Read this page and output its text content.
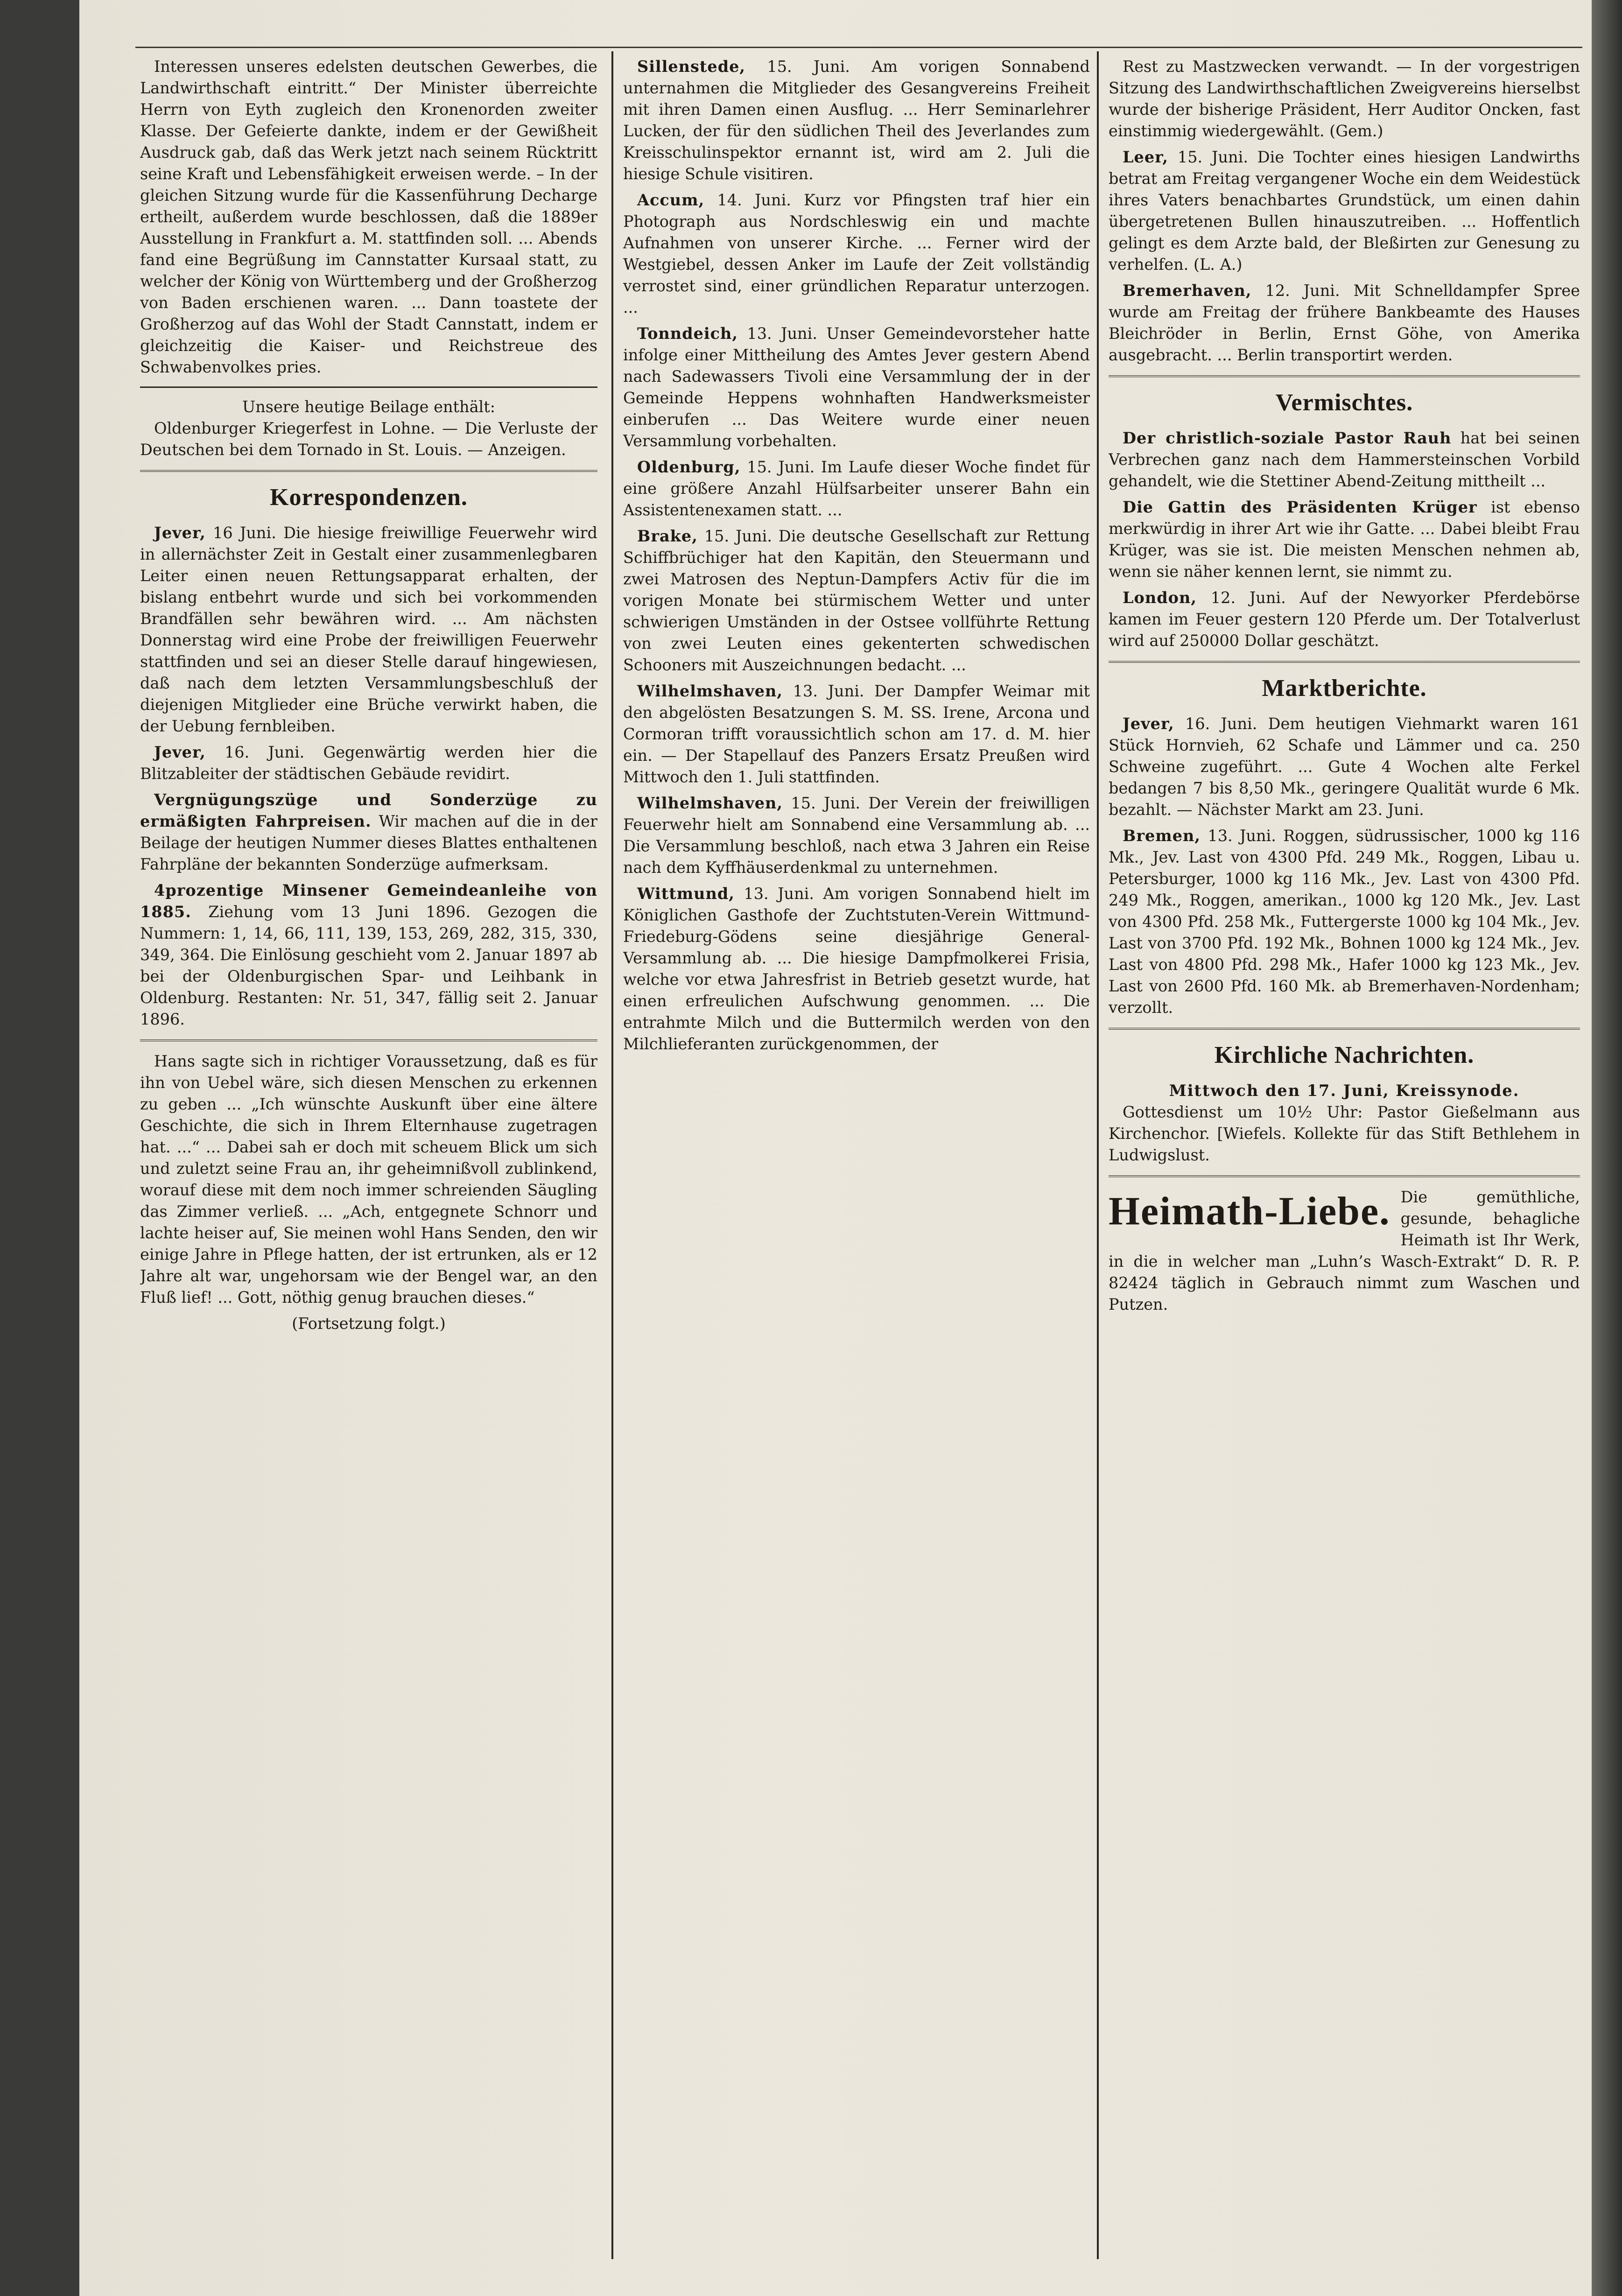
Interessen unseres edelsten deutschen Gewerbes, die Landwirthschaft eintritt.“ Der Minister überreichte Herrn von Eyth zugleich den Kronenorden zweiter Klasse. Der Gefeierte dankte, indem er der Gewißheit Ausdruck gab, daß das Werk jetzt nach seinem Rücktritt seine Kraft und Lebensfähigkeit erweisen werde. – In der gleichen Sitzung wurde für die Kassenführung Decharge ertheilt, außerdem wurde beschlossen, daß die 1889er Ausstellung in Frankfurt a. M. stattfinden soll. ... Abends fand eine Begrüßung im Cannstatter Kursaal statt, zu welcher der König von Württemberg und der Großherzog von Baden erschienen waren. ... Dann toastete der Großherzog auf das Wohl der Stadt Cannstatt, indem er gleichzeitig die Kaiser- und Reichstreue des Schwabenvolkes pries.

Unsere heutige Beilage enthält:

Oldenburger Kriegerfest in Lohne. — Die Verluste der Deutschen bei dem Tornado in St. Louis. — Anzeigen.

Korrespondenzen.

Jever, 16 Juni. Die hiesige freiwillige Feuerwehr wird in allernächster Zeit in Gestalt einer zusammenlegbaren Leiter einen neuen Rettungsapparat erhalten, der bislang entbehrt wurde und sich bei vorkommenden Brandfällen sehr bewähren wird. ... Am nächsten Donnerstag wird eine Probe der freiwilligen Feuerwehr stattfinden und sei an dieser Stelle darauf hingewiesen, daß nach dem letzten Versammlungsbeschluß der diejenigen Mitglieder eine Brüche verwirkt haben, die der Uebung fernbleiben.

Jever, 16. Juni. Gegenwärtig werden hier die Blitzableiter der städtischen Gebäude revidirt.

Vergnügungszüge und Sonderzüge zu ermäßigten Fahrpreisen. Wir machen auf die in der Beilage der heutigen Nummer dieses Blattes enthaltenen Fahrpläne der bekannten Sonderzüge aufmerksam.

4prozentige Minsener Gemeindeanleihe von 1885. Ziehung vom 13 Juni 1896. Gezogen die Nummern: 1, 14, 66, 111, 139, 153, 269, 282, 315, 330, 349, 364. Die Einlösung geschieht vom 2. Januar 1897 ab bei der Oldenburgischen Spar- und Leihbank in Oldenburg. Restanten: Nr. 51, 347, fällig seit 2. Januar 1896.

Hans sagte sich in richtiger Voraussetzung, daß es für ihn von Uebel wäre, sich diesen Menschen zu erkennen zu geben ... „Ich wünschte Auskunft über eine ältere Geschichte, die sich in Ihrem Elternhause zugetragen hat. ...“ ... Dabei sah er doch mit scheuem Blick um sich und zuletzt seine Frau an, ihr geheimnißvoll zublinkend, worauf diese mit dem noch immer schreienden Säugling das Zimmer verließ. ... „Ach, entgegnete Schnorr und lachte heiser auf, Sie meinen wohl Hans Senden, den wir einige Jahre in Pflege hatten, der ist ertrunken, als er 12 Jahre alt war, ungehorsam wie der Bengel war, an den Fluß lief! ... Gott, nöthig genug brauchen dieses.“

(Fortsetzung folgt.)

Sillenstede, 15. Juni. Am vorigen Sonnabend unternahmen die Mitglieder des Gesangvereins Freiheit mit ihren Damen einen Ausflug. ... Herr Seminarlehrer Lucken, der für den südlichen Theil des Jeverlandes zum Kreisschulinspektor ernannt ist, wird am 2. Juli die hiesige Schule visitiren.

Accum, 14. Juni. Kurz vor Pfingsten traf hier ein Photograph aus Nordschleswig ein und machte Aufnahmen von unserer Kirche. ... Ferner wird der Westgiebel, dessen Anker im Laufe der Zeit vollständig verrostet sind, einer gründlichen Reparatur unterzogen. ...

Tonndeich, 13. Juni. Unser Gemeindevorsteher hatte infolge einer Mittheilung des Amtes Jever gestern Abend nach Sadewassers Tivoli eine Versammlung der in der Gemeinde Heppens wohnhaften Handwerksmeister einberufen ... Das Weitere wurde einer neuen Versammlung vorbehalten.

Oldenburg, 15. Juni. Im Laufe dieser Woche findet für eine größere Anzahl Hülfsarbeiter unserer Bahn ein Assistentenexamen statt. ...

Brake, 15. Juni. Die deutsche Gesellschaft zur Rettung Schiffbrüchiger hat den Kapitän, den Steuermann und zwei Matrosen des Neptun-Dampfers Activ für die im vorigen Monate bei stürmischem Wetter und unter schwierigen Umständen in der Ostsee vollführte Rettung von zwei Leuten eines gekenterten schwedischen Schooners mit Auszeichnungen bedacht. ...

Wilhelmshaven, 13. Juni. Der Dampfer Weimar mit den abgelösten Besatzungen S. M. SS. Irene, Arcona und Cormoran trifft voraussichtlich schon am 17. d. M. hier ein. — Der Stapellauf des Panzers Ersatz Preußen wird Mittwoch den 1. Juli stattfinden.

Wilhelmshaven, 15. Juni. Der Verein der freiwilligen Feuerwehr hielt am Sonnabend eine Versammlung ab. ... Die Versammlung beschloß, nach etwa 3 Jahren ein Reise nach dem Kyffhäuserdenkmal zu unternehmen.

Wittmund, 13. Juni. Am vorigen Sonnabend hielt im Königlichen Gasthofe der Zuchtstuten-Verein Wittmund-Friedeburg-Gödens seine diesjährige General-Versammlung ab. ... Die hiesige Dampfmolkerei Frisia, welche vor etwa Jahresfrist in Betrieb gesetzt wurde, hat einen erfreulichen Aufschwung genommen. ... Die entrahmte Milch und die Buttermilch werden von den Milchlieferanten zurückgenommen, der

Rest zu Mastzwecken verwandt. — In der vorgestrigen Sitzung des Landwirthschaftlichen Zweigvereins hierselbst wurde der bisherige Präsident, Herr Auditor Oncken, fast einstimmig wiedergewählt. (Gem.)

Leer, 15. Juni. Die Tochter eines hiesigen Landwirths betrat am Freitag vergangener Woche ein dem Weidestück ihres Vaters benachbartes Grundstück, um einen dahin übergetretenen Bullen hinauszutreiben. ... Hoffentlich gelingt es dem Arzte bald, der Bleßirten zur Genesung zu verhelfen. (L. A.)

Bremerhaven, 12. Juni. Mit Schnelldampfer Spree wurde am Freitag der frühere Bankbeamte des Hauses Bleichröder in Berlin, Ernst Göhe, von Amerika ausgebracht. ... Berlin transportirt werden.

Vermischtes.

Der christlich-soziale Pastor Rauh hat bei seinen Verbrechen ganz nach dem Hammersteinschen Vorbild gehandelt, wie die Stettiner Abend-Zeitung mittheilt ...

Die Gattin des Präsidenten Krüger ist ebenso merkwürdig in ihrer Art wie ihr Gatte. ... Dabei bleibt Frau Krüger, was sie ist. Die meisten Menschen nehmen ab, wenn sie näher kennen lernt, sie nimmt zu.

London, 12. Juni. Auf der Newyorker Pferdebörse kamen im Feuer gestern 120 Pferde um. Der Totalverlust wird auf 250000 Dollar geschätzt.

Marktberichte.

Jever, 16. Juni. Dem heutigen Viehmarkt waren 161 Stück Hornvieh, 62 Schafe und Lämmer und ca. 250 Schweine zugeführt. ... Gute 4 Wochen alte Ferkel bedangen 7 bis 8,50 Mk., geringere Qualität wurde 6 Mk. bezahlt. — Nächster Markt am 23. Juni.

Bremen, 13. Juni. Roggen, südrussischer, 1000 kg 116 Mk., Jev. Last von 4300 Pfd. 249 Mk., Roggen, Libau u. Petersburger, 1000 kg 116 Mk., Jev. Last von 4300 Pfd. 249 Mk., Roggen, amerikan., 1000 kg 120 Mk., Jev. Last von 4300 Pfd. 258 Mk., Futtergerste 1000 kg 104 Mk., Jev. Last von 3700 Pfd. 192 Mk., Bohnen 1000 kg 124 Mk., Jev. Last von 4800 Pfd. 298 Mk., Hafer 1000 kg 123 Mk., Jev. Last von 2600 Pfd. 160 Mk. ab Bremerhaven-Nordenham; verzollt.

Kirchliche Nachrichten.

Mittwoch den 17. Juni, Kreissynode.

Gottesdienst um 10½ Uhr: Pastor Gießelmann aus Kirchenchor. [Wiefels. Kollekte für das Stift Bethlehem in Ludwigslust.

Heimath-Liebe. Die gemüthliche, gesunde, behagliche Heimath ist Ihr Werk, in die in welcher man „Luhn’s Wasch-Extrakt“ D. R. P. 82424 täglich in Gebrauch nimmt zum Waschen und Putzen.
